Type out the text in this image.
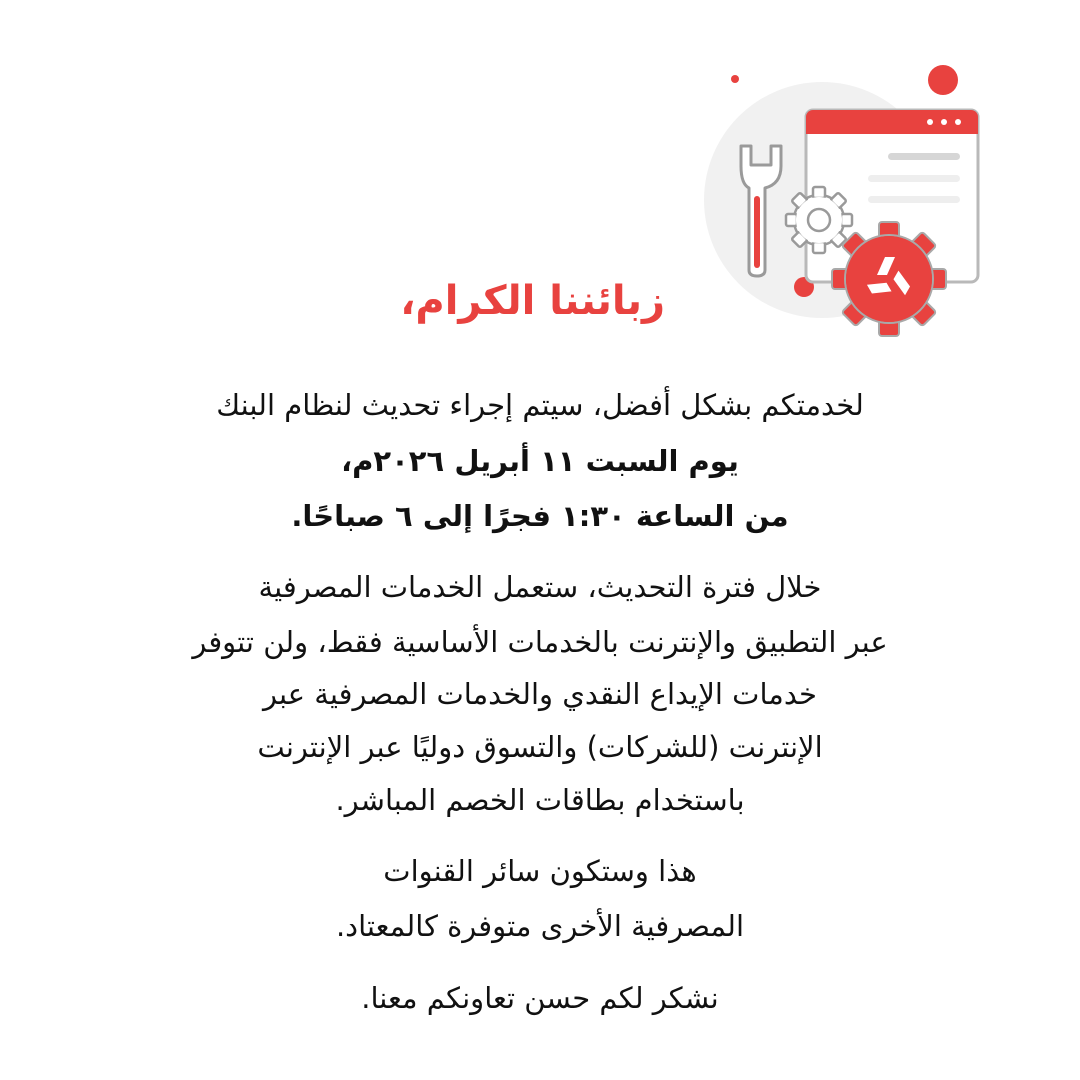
زبائننا الكرام،

لخدمتكم بشكل أفضل، سيتم إجراء تحديث لنظام البنك

يوم السبت ١١ أبريل ٢٠٢٦م،

من الساعة ١:٣٠ فجرًا إلى ٦ صباحًا.

خلال فترة التحديث، ستعمل الخدمات المصرفية

عبر التطبيق والإنترنت بالخدمات الأساسية فقط، ولن تتوفر

خدمات الإيداع النقدي والخدمات المصرفية عبر

الإنترنت (للشركات) والتسوق دوليًا عبر الإنترنت

باستخدام بطاقات الخصم المباشر.

هذا وستكون سائر القنوات

المصرفية الأخرى متوفرة كالمعتاد.

نشكر لكم حسن تعاونكم معنا.
